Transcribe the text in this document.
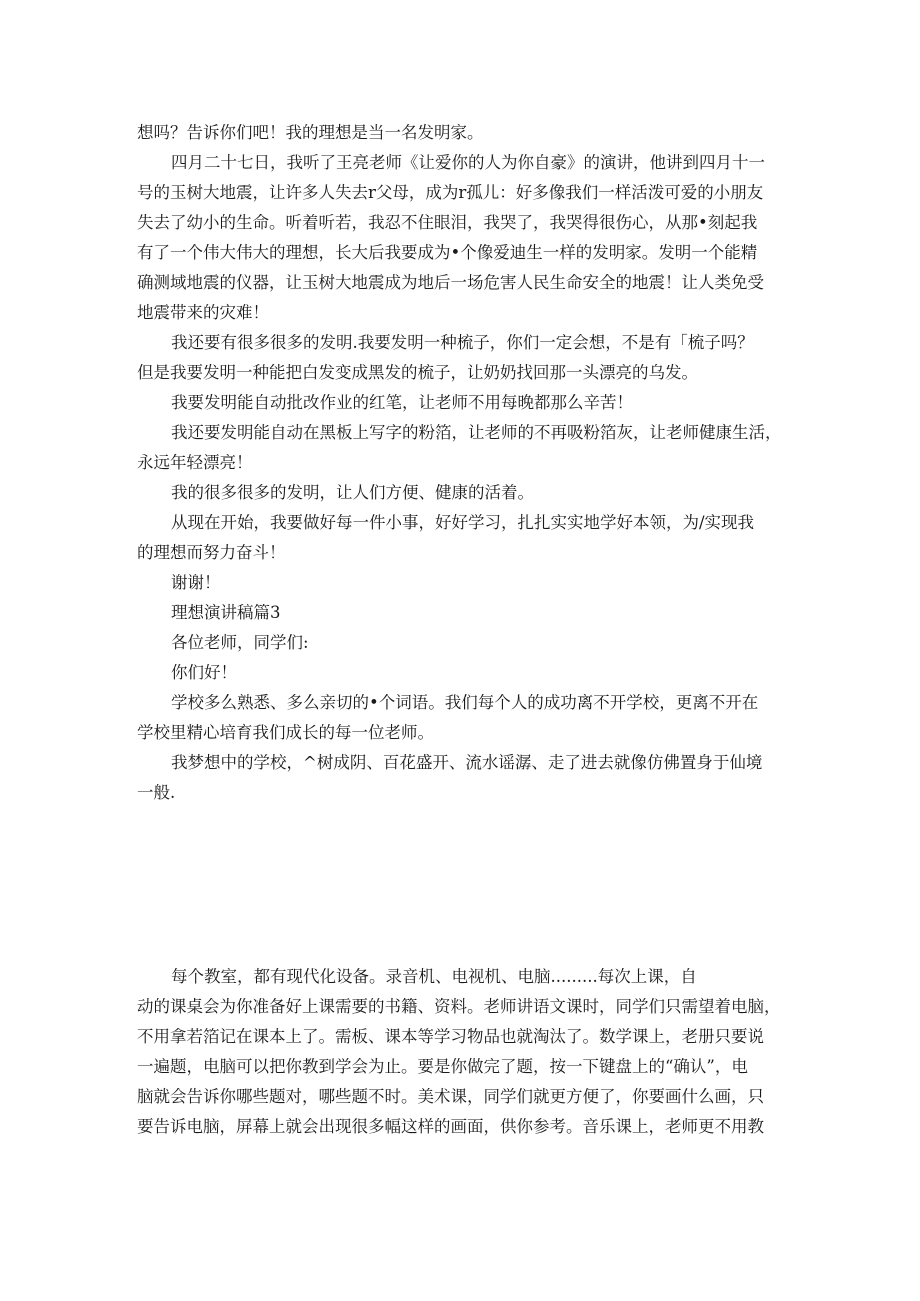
想吗？告诉你们吧！我的理想是当一名发明家。
四月二十七日，我听了王亮老师《让爱你的人为你自豪》的演讲，他讲到四月十一
号的玉树大地震，让许多人失去r父母，成为r孤儿：好多像我们一样活泼可爱的小朋友
失去了幼小的生命。听着听若，我忍不住眼泪，我哭了，我哭得很伤心，从那•刻起我
有了一个伟大伟大的理想，长大后我要成为•个像爱迪生一样的发明家。发明一个能精
确测域地震的仪器，让玉树大地震成为地后一场危害人民生命安全的地震！让人类免受
地震带来的灾难！
我还要有很多很多的发明.我要发明一种梳子，你们一定会想，不是有「梳子吗？
但是我要发明一种能把白发变成黑发的梳子，让奶奶找回那一头漂亮的乌发。
我要发明能自动批改作业的红笔，让老师不用每晚都那么辛苦！
我还要发明能自动在黑板上写字的粉箔，让老师的不再吸粉箔灰，让老师健康生活，
永远年轻漂亮！
我的很多很多的发明，让人们方便、健康的活着。
从现在开始，我要做好每一件小事，好好学习，扎扎实实地学好本领，为/实现我
的理想而努力奋斗！
谢谢！
理想演讲稿篇3
各位老师，同学们:
你们好！
学校多么熟悉、多么亲切的•个词语。我们每个人的成功离不开学校，更离不开在
学校里精心培育我们成长的每一位老师。
我梦想中的学校，^树成阴、百花盛开、流水谣潺、走了进去就像仿佛置身于仙境
一般.
每个教室，都有现代化设备。录音机、电视机、电脑.........每次上课，自
动的课桌会为你准备好上课需要的书籍、资料。老师讲语文课时，同学们只需望着电脑，
不用拿若箔记在课本上了。需板、课本等学习物品也就淘汰了。数学课上，老册只要说
一遍题，电脑可以把你教到学会为止。要是你做完了题，按一下键盘上的“确认”，电
脑就会告诉你哪些题对，哪些题不时。美术课，同学们就更方便了，你要画什么画，只
要告诉电脑，屏幕上就会出现很多幅这样的画面，供你参考。音乐课上，老师更不用教
